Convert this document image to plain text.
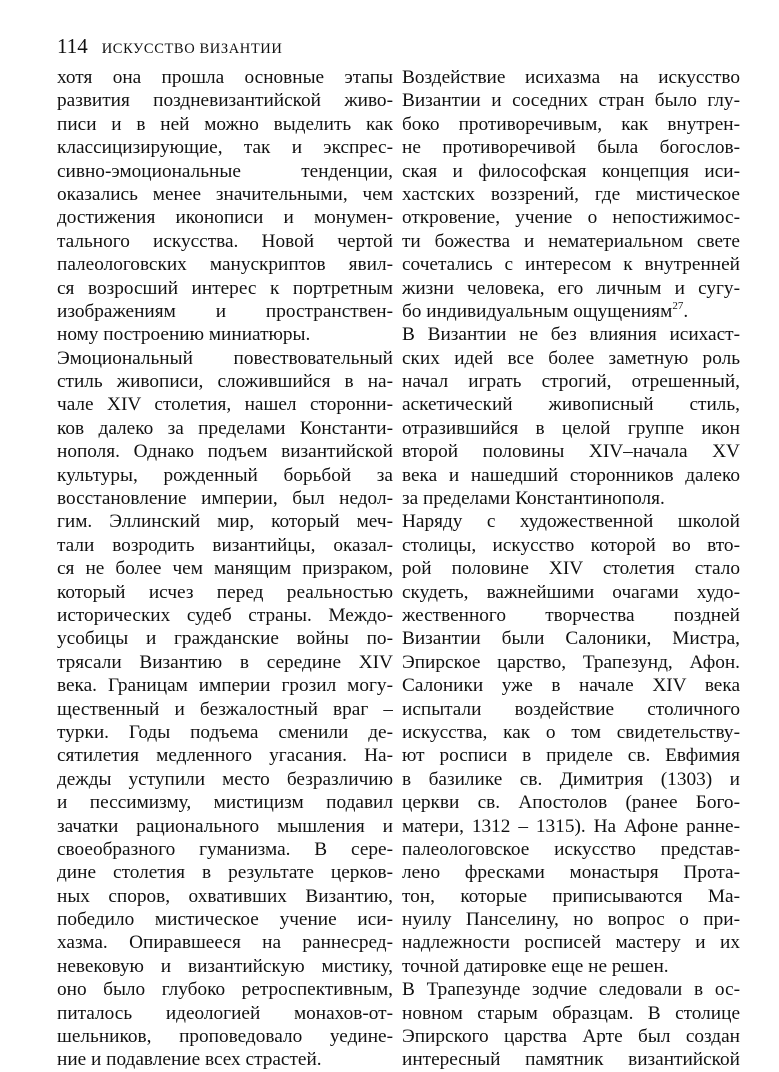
114 ИСКУССТВО ВИЗАНТИИ
хотя она прошла основные этапы
развития поздневизантийской живо-
писи и в ней можно выделить как
классицизирующие, так и экспрес-
сивно-эмоциональные тенденции,
оказались менее значительными, чем
достижения иконописи и монумен-
тального искусства. Новой чертой
палеологовских манускриптов явил-
ся возросший интерес к портретным
изображениям и пространствен-
ному построению миниатюры.
Эмоциональный повествовательный
стиль живописи, сложившийся в на-
чале XIV столетия, нашел сторонни-
ков далеко за пределами Константи-
нополя. Однако подъем византийской
культуры, рожденный борьбой за
восстановление империи, был недол-
гим. Эллинский мир, который меч-
тали возродить византийцы, оказал-
ся не более чем манящим призраком,
который исчез перед реальностью
исторических судеб страны. Междо-
усобицы и гражданские войны по-
трясали Византию в середине XIV
века. Границам империи грозил могу-
щественный и безжалостный враг –
турки. Годы подъема сменили де-
сятилетия медленного угасания. На-
дежды уступили место безразличию
и пессимизму, мистицизм подавил
зачатки рационального мышления и
своеобразного гуманизма. В сере-
дине столетия в результате церков-
ных споров, охвативших Византию,
победило мистическое учение иси-
хазма. Опиравшееся на раннесред-
невековую и византийскую мистику,
оно было глубоко ретроспективным,
питалось идеологией монахов-от-
шельников, проповедовало уедине-
ние и подавление всех страстей.
Воздействие исихазма на искусство
Византии и соседних стран было глу-
боко противоречивым, как внутрен-
не противоречивой была богослов-
ская и философская концепция иси-
хастских воззрений, где мистическое
откровение, учение о непостижимос-
ти божества и нематериальном свете
сочетались с интересом к внутренней
жизни человека, его личным и сугу-
бо индивидуальным ощущениям$^{27}$.
В Византии не без влияния исихаст-
ских идей все более заметную роль
начал играть строгий, отрешенный,
аскетический живописный стиль,
отразившийся в целой группе икон
второй половины XIV–начала XV
века и нашедший сторонников далеко
за пределами Константинополя.
Наряду с художественной школой
столицы, искусство которой во вто-
рой половине XIV столетия стало
скудеть, важнейшими очагами худо-
жественного творчества поздней
Византии были Салоники, Мистра,
Эпирское царство, Трапезунд, Афон.
Салоники уже в начале XIV века
испытали воздействие столичного
искусства, как о том свидетельству-
ют росписи в приделе св. Евфимия
в базилике св. Димитрия (1303) и
церкви св. Апостолов (ранее Бого-
матери, 1312 – 1315). На Афоне ранне-
палеологовское искусство представ-
лено фресками монастыря Прота-
тон, которые приписываются Ма-
нуилу Панселину, но вопрос о при-
надлежности росписей мастеру и их
точной датировке еще не решен.
В Трапезунде зодчие следовали в ос-
новном старым образцам. В столице
Эпирского царства Арте был создан
интересный памятник византийской
